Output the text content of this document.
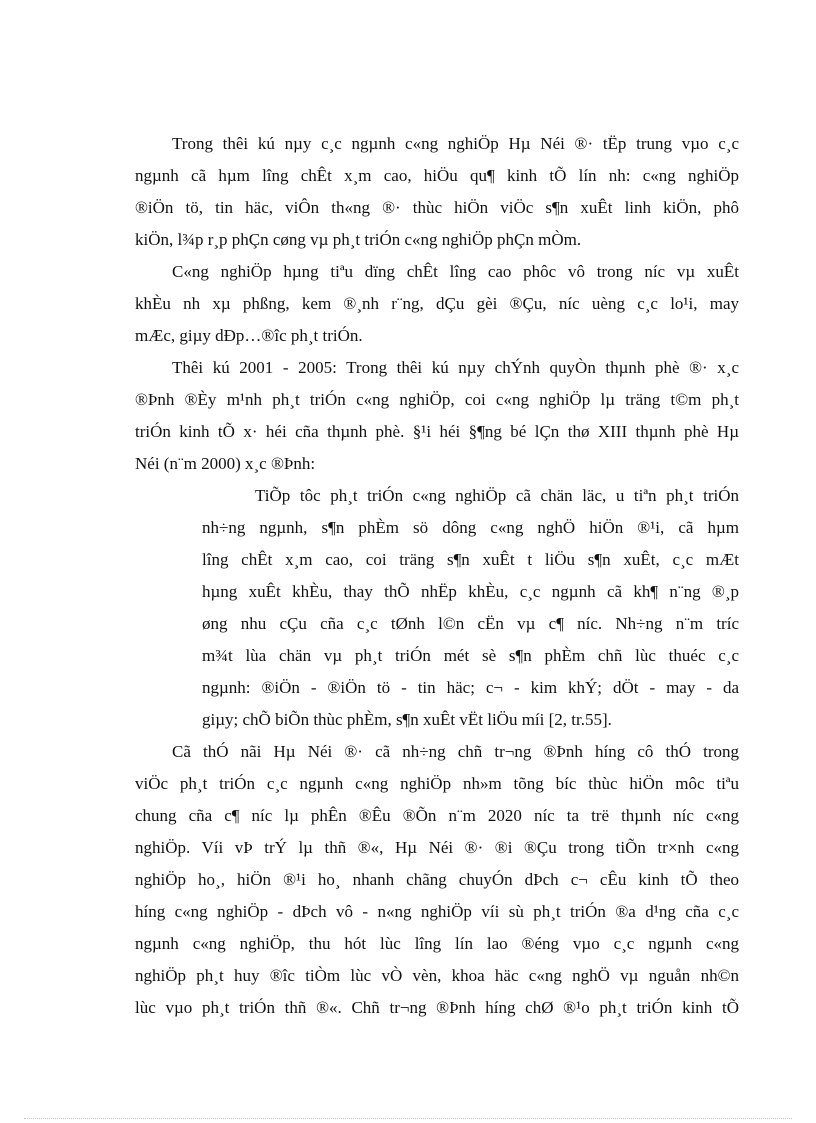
Trong thêi kú nµy c¸c ngµnh c«ng nghiÖp Hµ Néi ®· tËp trung vµo c¸c
ngµnh cã hµm lîng chÊt x¸m cao, hiÖu qu¶ kinh tÕ lín nh: c«ng nghiÖp
®iÖn tö, tin häc, viÔn th«ng ®· thùc hiÖn viÖc s¶n xuÊt linh kiÖn, phô
kiÖn, l¾p r¸p phÇn cøng vµ ph¸t triÓn c«ng nghiÖp phÇn mÒm.
C«ng nghiÖp hµng tiªu dïng chÊt lîng cao phôc vô trong níc vµ xuÊt
khÈu nh xµ phßng, kem ®¸nh r¨ng, dÇu gèi ®Çu, níc uèng c¸c lo¹i, may
mÆc, giµy dÐp…®îc ph¸t triÓn.
Thêi kú 2001 - 2005: Trong thêi kú nµy chÝnh quyÒn thµnh phè ®· x¸c
®Þnh ®Èy m¹nh ph¸t triÓn c«ng nghiÖp, coi c«ng nghiÖp lµ träng t©m ph¸t
triÓn kinh tÕ x· héi cña thµnh phè. §¹i héi §¶ng bé lÇn thø XIII thµnh phè Hµ
Néi (n¨m 2000) x¸c ®Þnh:
TiÕp tôc ph¸t triÓn c«ng nghiÖp cã chän läc, u tiªn ph¸t triÓn
nh÷ng ngµnh, s¶n phÈm sö dông c«ng nghÖ hiÖn ®¹i, cã hµm
lîng chÊt x¸m cao, coi träng s¶n xuÊt t liÖu s¶n xuÊt, c¸c mÆt
hµng xuÊt khÈu, thay thÕ nhËp khÈu, c¸c ngµnh cã kh¶ n¨ng ®¸p
øng nhu cÇu cña c¸c tØnh l©n cËn vµ c¶ níc. Nh÷ng n¨m tríc
m¾t lùa chän vµ ph¸t triÓn mét sè s¶n phÈm chñ lùc thuéc c¸c
ngµnh: ®iÖn - ®iÖn tö - tin häc; c¬ - kim khÝ; dÖt - may - da
giµy; chÕ biÕn thùc phÈm, s¶n xuÊt vËt liÖu míi [2, tr.55].
Cã thÓ nãi Hµ Néi ®· cã nh÷ng chñ tr¬ng ®Þnh híng cô thÓ trong
viÖc ph¸t triÓn c¸c ngµnh c«ng nghiÖp nh»m tõng bíc thùc hiÖn môc tiªu
chung cña c¶ níc lµ phÊn ®Êu ®Õn n¨m 2020 níc ta trë thµnh níc c«ng
nghiÖp. Víi vÞ trÝ lµ thñ ®«, Hµ Néi ®· ®i ®Çu trong tiÕn tr×nh c«ng
nghiÖp ho¸, hiÖn ®¹i ho¸ nhanh chãng chuyÓn dÞch c¬ cÊu kinh tÕ theo
híng c«ng nghiÖp - dÞch vô - n«ng nghiÖp víi sù ph¸t triÓn ®a d¹ng cña c¸c
ngµnh c«ng nghiÖp, thu hót lùc lîng lín lao ®éng vµo c¸c ngµnh c«ng
nghiÖp ph¸t huy ®îc tiÒm lùc vÒ vèn, khoa häc c«ng nghÖ vµ nguån nh©n
lùc vµo ph¸t triÓn thñ ®«. Chñ tr¬ng ®Þnh híng chØ ®¹o ph¸t triÓn kinh tÕ
